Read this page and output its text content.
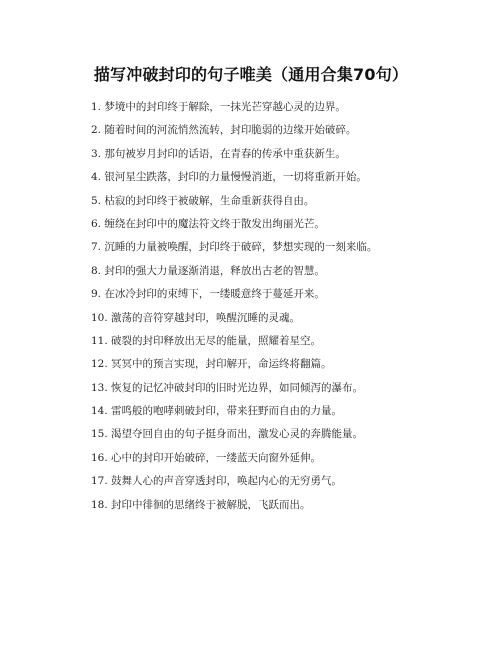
描写冲破封印的句子唯美（通用合集70句）
1. 梦境中的封印终于解除，一抹光芒穿越心灵的边界。
2. 随着时间的河流悄然流转，封印脆弱的边缘开始破碎。
3. 那句被岁月封印的话语，在青春的传承中重获新生。
4. 银河星尘跌落，封印的力量慢慢消逝，一切将重新开始。
5. 枯寂的封印终于被破解，生命重新获得自由。
6. 缠绕在封印中的魔法符文终于散发出绚丽光芒。
7. 沉睡的力量被唤醒，封印终于破碎，梦想实现的一刻来临。
8. 封印的强大力量逐渐消退，释放出古老的智慧。
9. 在冰冷封印的束缚下，一缕暖意终于蔓延开来。
10. 激荡的音符穿越封印，唤醒沉睡的灵魂。
11. 破裂的封印释放出无尽的能量，照耀着星空。
12. 冥冥中的预言实现，封印解开，命运终将翻篇。
13. 恢复的记忆冲破封印的旧时光边界，如同倾泻的瀑布。
14. 雷鸣般的咆哮刺破封印，带来狂野而自由的力量。
15. 渴望夺回自由的句子挺身而出，激发心灵的奔腾能量。
16. 心中的封印开始破碎，一缕蓝天向窗外延伸。
17. 鼓舞人心的声音穿透封印，唤起内心的无穷勇气。
18. 封印中徘徊的思绪终于被解脱，飞跃而出。
